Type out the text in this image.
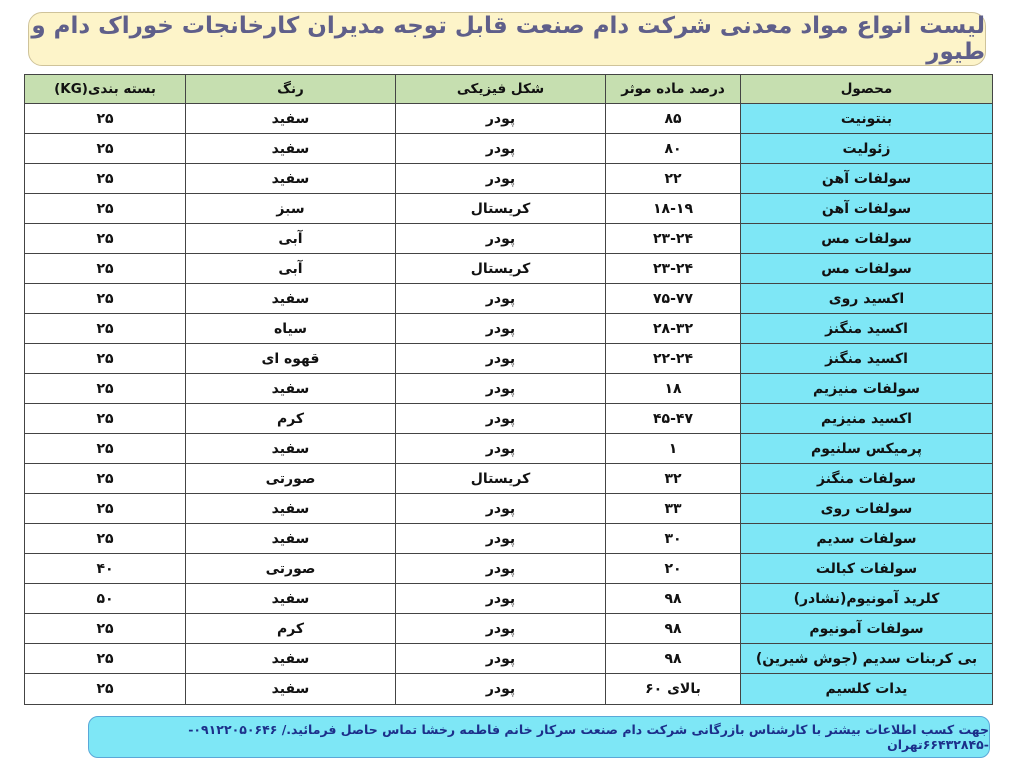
لیست انواع مواد معدنی شرکت دام صنعت قابل توجه مدیران کارخانجات خوراک دام و طیور
محصول	درصد ماده موثر	شکل فیزیکی	رنگ	بسته بندی(KG)
بنتونیت	۸۵	پودر	سفید	۲۵
زئولیت	۸۰	پودر	سفید	۲۵
سولفات آهن	۲۲	پودر	سفید	۲۵
سولفات آهن	۱۸-۱۹	کریستال	سبز	۲۵
سولفات مس	۲۳-۲۴	پودر	آبی	۲۵
سولفات مس	۲۳-۲۴	کریستال	آبی	۲۵
اکسید روی	۷۵-۷۷	پودر	سفید	۲۵
اکسید منگنز	۲۸-۳۲	پودر	سیاه	۲۵
اکسید منگنز	۲۲-۲۴	پودر	قهوه ای	۲۵
سولفات منیزیم	۱۸	پودر	سفید	۲۵
اکسید منیزیم	۴۵-۴۷	پودر	کرم	۲۵
پرمیکس سلنیوم	۱	پودر	سفید	۲۵
سولفات منگنز	۳۲	کریستال	صورتی	۲۵
سولفات روی	۳۳	پودر	سفید	۲۵
سولفات سدیم	۳۰	پودر	سفید	۲۵
سولفات کبالت	۲۰	پودر	صورتی	۴۰
کلرید آمونیوم(نشادر)	۹۸	پودر	سفید	۵۰
سولفات آمونیوم	۹۸	پودر	کرم	۲۵
بی کربنات سدیم (جوش شیرین)	۹۸	پودر	سفید	۲۵
یدات کلسیم	بالای ۶۰	پودر	سفید	۲۵
جهت کسب اطلاعات بیشتر با کارشناس بازرگانی شرکت دام صنعت سرکار خانم فاطمه رخشا تماس حاصل فرمائید./ ۰۹۱۲۲۰۵۰۶۴۶--۶۶۴۳۲۸۴۵تهران
